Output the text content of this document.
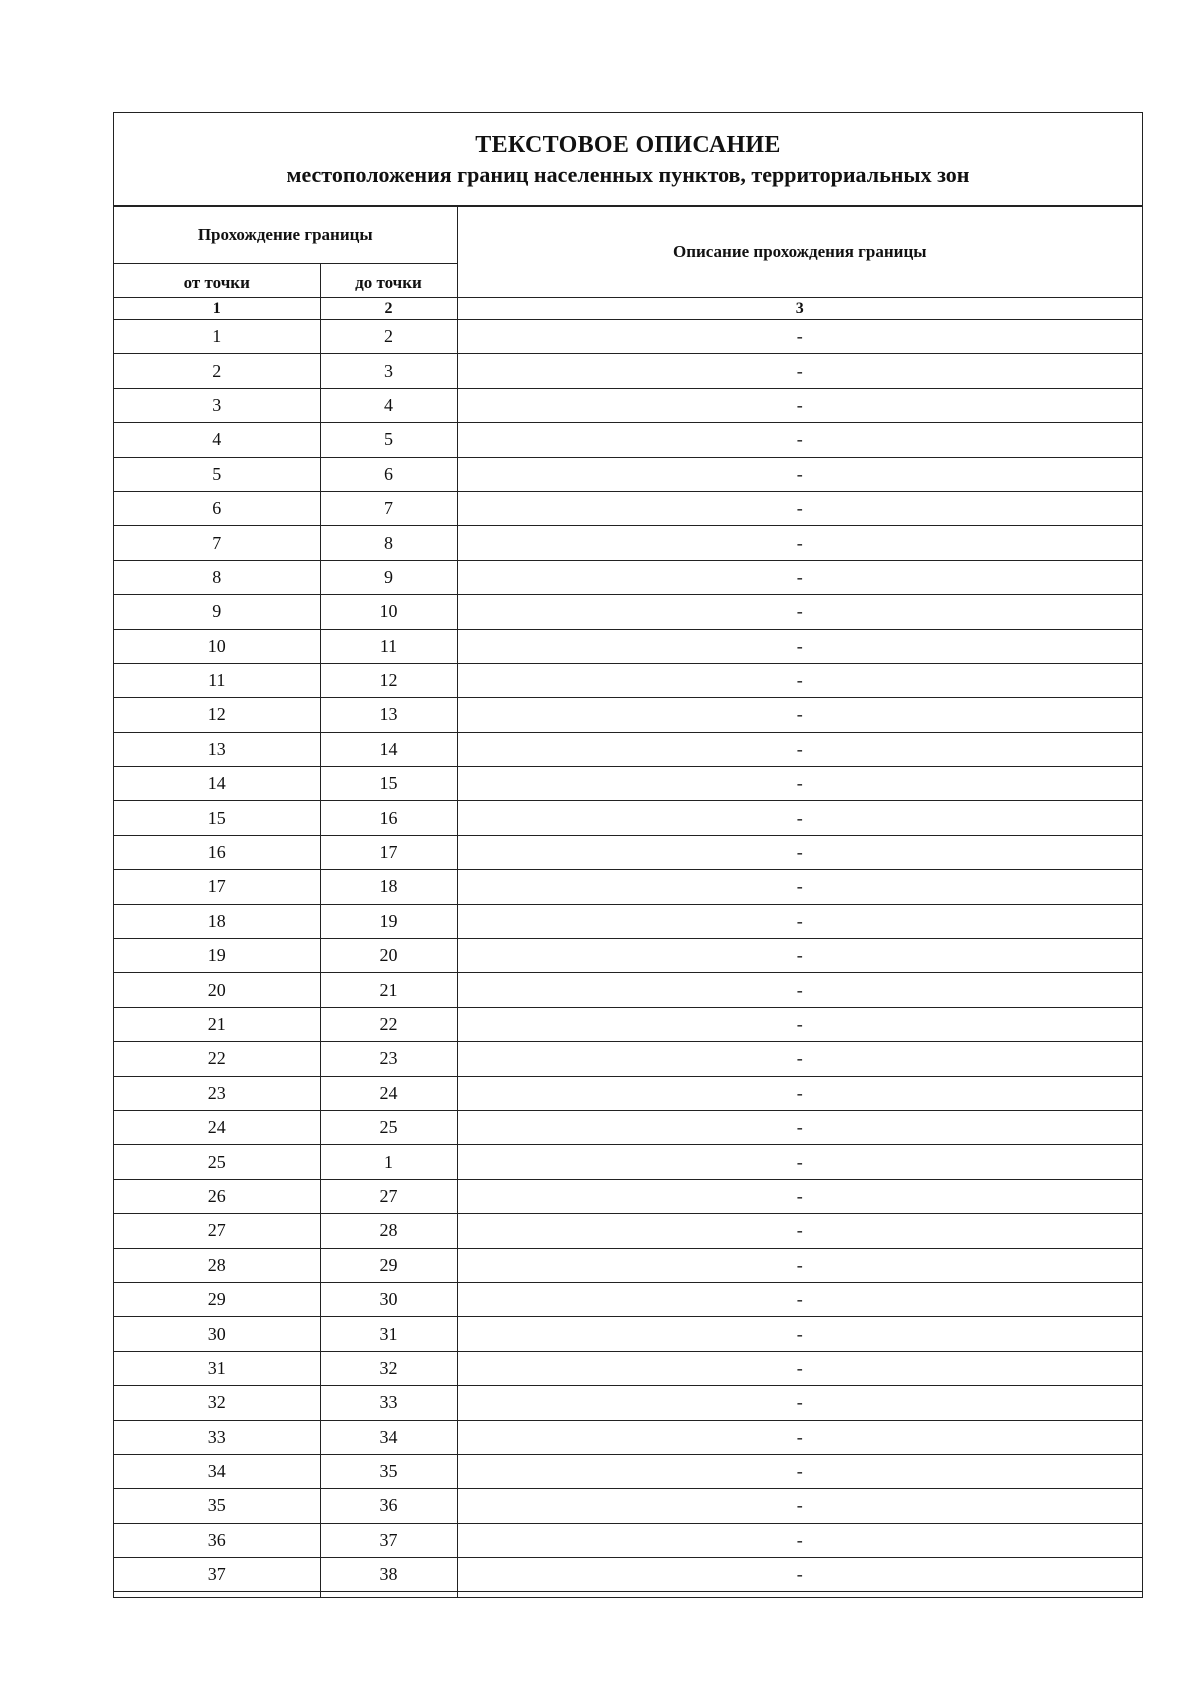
ТЕКСТОВОЕ ОПИСАНИЕ
местоположения границ населенных пунктов, территориальных зон
Прохождение границы		Описание прохождения границы
от точки	до точки	
1	2	3
1	2	-
2	3	-
3	4	-
4	5	-
5	6	-
6	7	-
7	8	-
8	9	-
9	10	-
10	11	-
11	12	-
12	13	-
13	14	-
14	15	-
15	16	-
16	17	-
17	18	-
18	19	-
19	20	-
20	21	-
21	22	-
22	23	-
23	24	-
24	25	-
25	1	-
26	27	-
27	28	-
28	29	-
29	30	-
30	31	-
31	32	-
32	33	-
33	34	-
34	35	-
35	36	-
36	37	-
37	38	-
